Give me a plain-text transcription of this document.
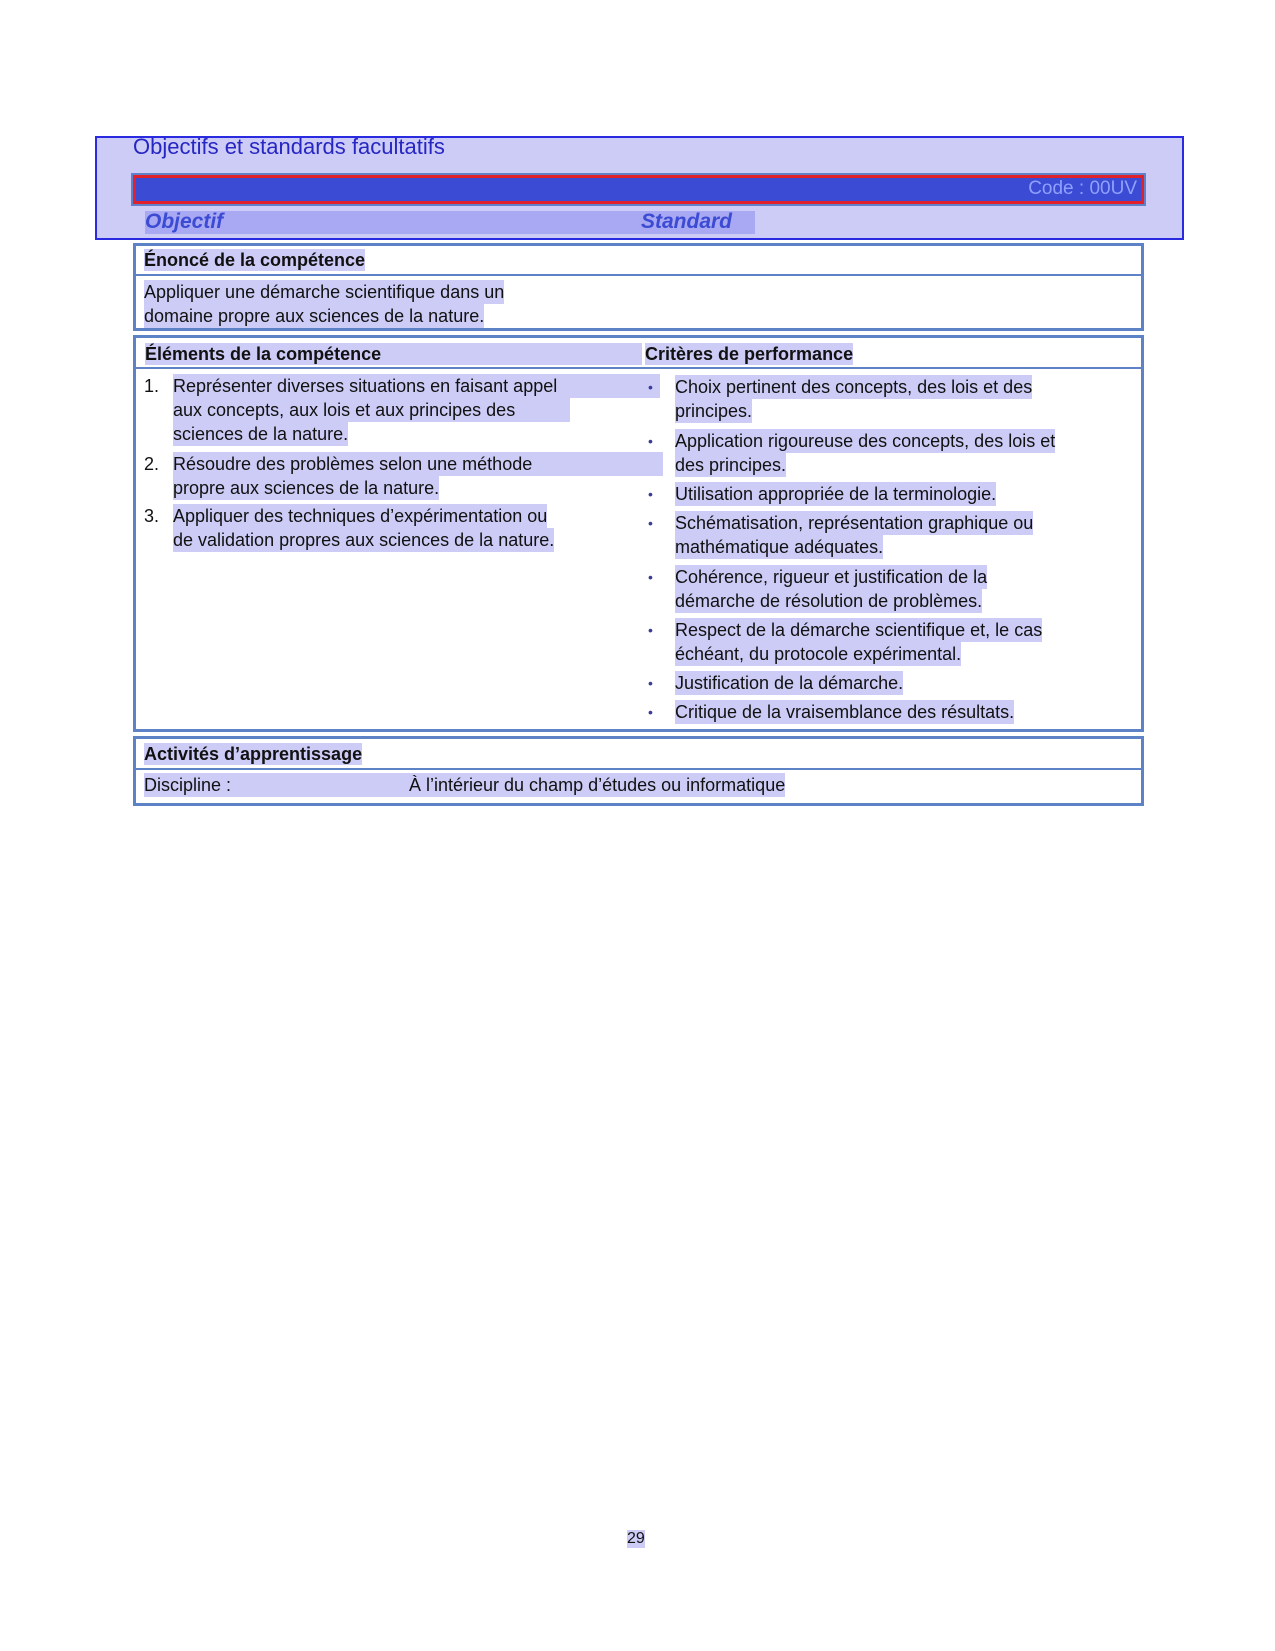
Objectifs et standards facultatifs
Code : 00UV
Objectif	Standard
Énoncé de la compétence
Appliquer une démarche scientifique dans un
domaine propre aux sciences de la nature.
Éléments de la compétence	Critères de performance
1. Représenter diverses situations en faisant appel
aux concepts, aux lois et aux principes des
sciences de la nature.
2. Résoudre des problèmes selon une méthode
propre aux sciences de la nature.
3. Appliquer des techniques d’expérimentation ou
de validation propres aux sciences de la nature.
• Choix pertinent des concepts, des lois et des
principes.
• Application rigoureuse des concepts, des lois et
des principes.
• Utilisation appropriée de la terminologie.
• Schématisation, représentation graphique ou
mathématique adéquates.
• Cohérence, rigueur et justification de la
démarche de résolution de problèmes.
• Respect de la démarche scientifique et, le cas
échéant, du protocole expérimental.
• Justification de la démarche.
• Critique de la vraisemblance des résultats.
Activités d’apprentissage
Discipline :	À l’intérieur du champ d’études ou informatique
29
